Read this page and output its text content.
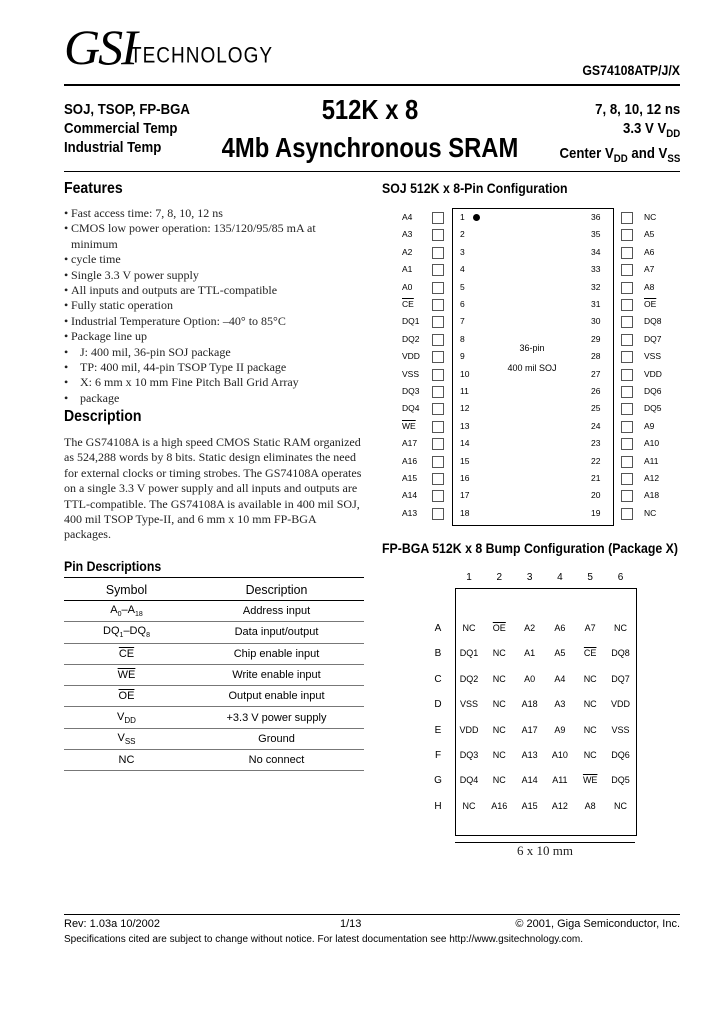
GSI
TECHNOLOGY
GS74108ATP/J/X
SOJ, TSOP, FP-BGA
Commercial Temp
Industrial Temp
512K x 8
4Mb Asynchronous SRAM
7, 8, 10, 12 ns
3.3 V $V_{DD}$
Center $V_{DD}$ and $V_{SS}$
Features
• Fast access time: 7, 8, 10, 12 ns
• CMOS low power operation: 135/120/95/85 mA at minimum
• cycle time
• Single 3.3 V power supply
• All inputs and outputs are TTL-compatible
• Fully static operation
• Industrial Temperature Option: –40° to 85°C
• Package line up
• J: 400 mil, 36-pin SOJ package
• TP: 400 mil, 44-pin TSOP Type II package
• X: 6 mm x 10 mm Fine Pitch Ball Grid Array
• package
Description
The GS74108A is a high speed CMOS Static RAM organized
as 524,288 words by 8 bits. Static design eliminates the need
for external clocks or timing strobes. The GS74108A operates
on a single 3.3 V power supply and all inputs and outputs are
TTL-compatible. The GS74108A is available in 400 mil SOJ,
400 mil TSOP Type-II, and 6 mm x 10 mm FP-BGA packages.
Pin Descriptions
Symbol	Description
$A_0-A_{18}$	Address input
$DQ_1-DQ_8$	Data input/output
$\overline{CE}$	Chip enable input
$\overline{WE}$	Write enable input
$\overline{OE}$	Output enable input
$V_{DD}$	+3.3 V power supply
$V_{SS}$	Ground
NC	No connect
SOJ 512K x 8-Pin Configuration
36-pin
400 mil SOJ
A4	1
A3	2
A2	3
A1	4
A0	5
$\overline{CE}$	6
DQ1	7
DQ2	8
VDD	9
VSS	10
DQ3	11
DQ4	12
$\overline{WE}$	13
A17	14
A16	15
A15	16
A14	17
A13	18
36	NC
35	A5
34	A6
33	A7
32	A8
31	$\overline{OE}$
30	DQ8
29	DQ7
28	VSS
27	VDD
26	DQ6
25	DQ5
24	A9
23	A10
22	A11
21	A12
20	A18
19	NC
FP-BGA 512K x 8 Bump Configuration (Package X)
1	2	3	4	5	6
A	NC	$\overline{OE}$	A2	A6	A7	NC
B	DQ1	NC	A1	A5	$\overline{CE}$	DQ8
C	DQ2	NC	A0	A4	NC	DQ7
D	VSS	NC	A18	A3	NC	VDD
E	VDD	NC	A17	A9	NC	VSS
F	DQ3	NC	A13	A10	NC	DQ6
G	DQ4	NC	A14	A11	$\overline{WE}$	DQ5
H	NC	A16	A15	A12	A8	NC
6 x 10 mm
Rev: 1.03a 10/2002	1/13	© 2001, Giga Semiconductor, Inc.
Specifications cited are subject to change without notice. For latest documentation see http://www.gsitechnology.com.
